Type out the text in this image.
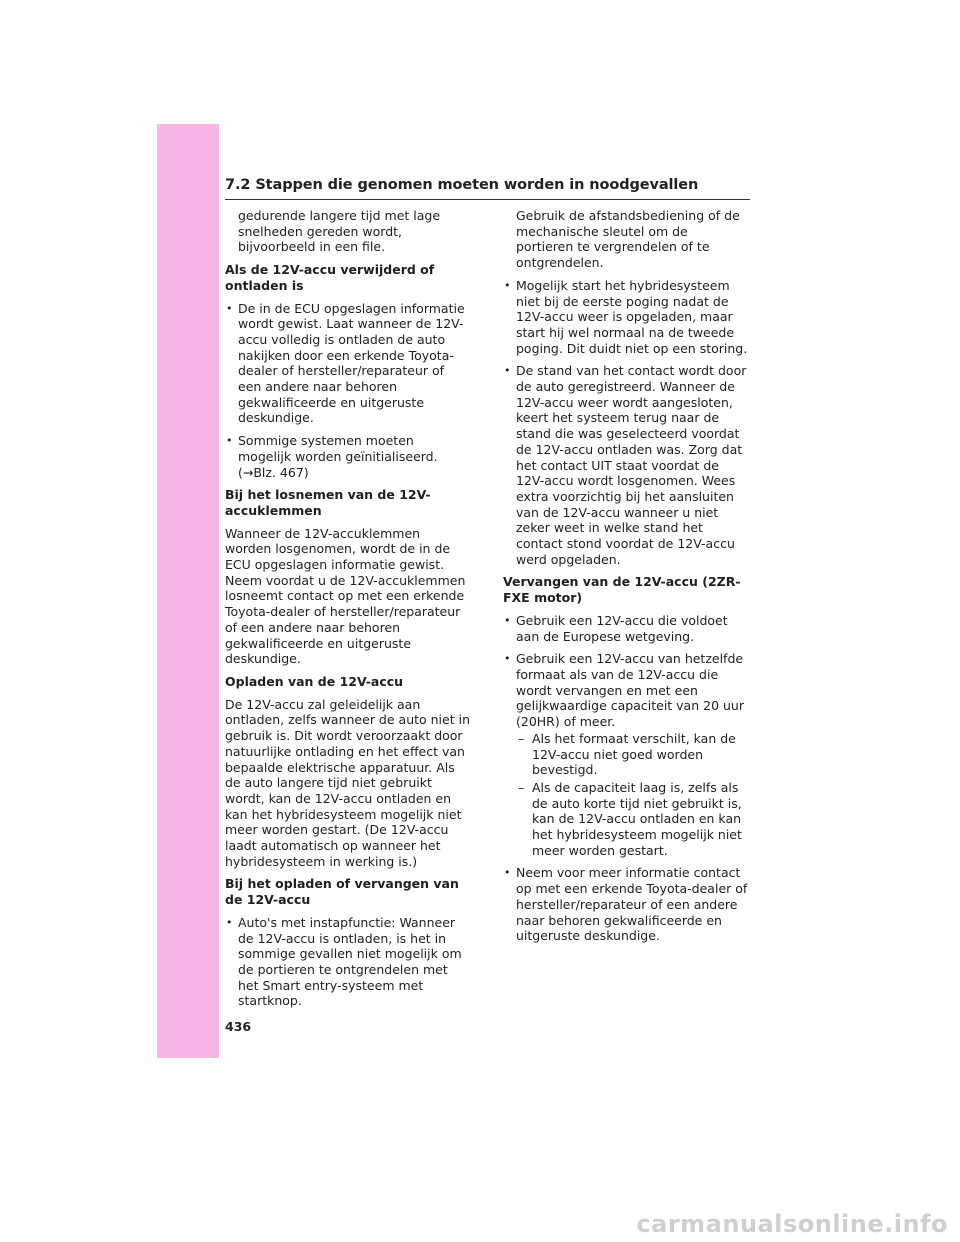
7.2 Stappen die genomen moeten worden in noodgevallen

gedurende langere tijd met lage snelheden gereden wordt, bijvoorbeeld in een file.

Als de 12V-accu verwijderd of ontladen is

• De in de ECU opgeslagen informatie wordt gewist. Laat wanneer de 12V-accu volledig is ontladen de auto nakijken door een erkende Toyota-dealer of hersteller/reparateur of een andere naar behoren gekwalificeerde en uitgeruste deskundige.
• Sommige systemen moeten mogelijk worden geïnitialiseerd. (→Blz. 467)

Bij het losnemen van de 12V-accuklemmen

Wanneer de 12V-accuklemmen worden losgenomen, wordt de in de ECU opgeslagen informatie gewist. Neem voordat u de 12V-accuklemmen losneemt contact op met een erkende Toyota-dealer of hersteller/reparateur of een andere naar behoren gekwalificeerde en uitgeruste deskundige.

Opladen van de 12V-accu

De 12V-accu zal geleidelijk aan ontladen, zelfs wanneer de auto niet in gebruik is. Dit wordt veroorzaakt door natuurlijke ontlading en het effect van bepaalde elektrische apparatuur. Als de auto langere tijd niet gebruikt wordt, kan de 12V-accu ontladen en kan het hybridesysteem mogelijk niet meer worden gestart. (De 12V-accu laadt automatisch op wanneer het hybridesysteem in werking is.)

Bij het opladen of vervangen van de 12V-accu

• Auto's met instapfunctie: Wanneer de 12V-accu is ontladen, is het in sommige gevallen niet mogelijk om de portieren te ontgrendelen met het Smart entry-systeem met startknop.

Gebruik de afstandsbediening of de mechanische sleutel om de portieren te vergrendelen of te ontgrendelen.

• Mogelijk start het hybridesysteem niet bij de eerste poging nadat de 12V-accu weer is opgeladen, maar start hij wel normaal na de tweede poging. Dit duidt niet op een storing.
• De stand van het contact wordt door de auto geregistreerd. Wanneer de 12V-accu weer wordt aangesloten, keert het systeem terug naar de stand die was geselecteerd voordat de 12V-accu ontladen was. Zorg dat het contact UIT staat voordat de 12V-accu wordt losgenomen. Wees extra voorzichtig bij het aansluiten van de 12V-accu wanneer u niet zeker weet in welke stand het contact stond voordat de 12V-accu werd opgeladen.

Vervangen van de 12V-accu (2ZR-FXE motor)

• Gebruik een 12V-accu die voldoet aan de Europese wetgeving.
• Gebruik een 12V-accu van hetzelfde formaat als van de 12V-accu die wordt vervangen en met een gelijkwaardige capaciteit van 20 uur (20HR) of meer.
– Als het formaat verschilt, kan de 12V-accu niet goed worden bevestigd.
– Als de capaciteit laag is, zelfs als de auto korte tijd niet gebruikt is, kan de 12V-accu ontladen en kan het hybridesysteem mogelijk niet meer worden gestart.
• Neem voor meer informatie contact op met een erkende Toyota-dealer of hersteller/reparateur of een andere naar behoren gekwalificeerde en uitgeruste deskundige.
436
carmanualsonline.info
